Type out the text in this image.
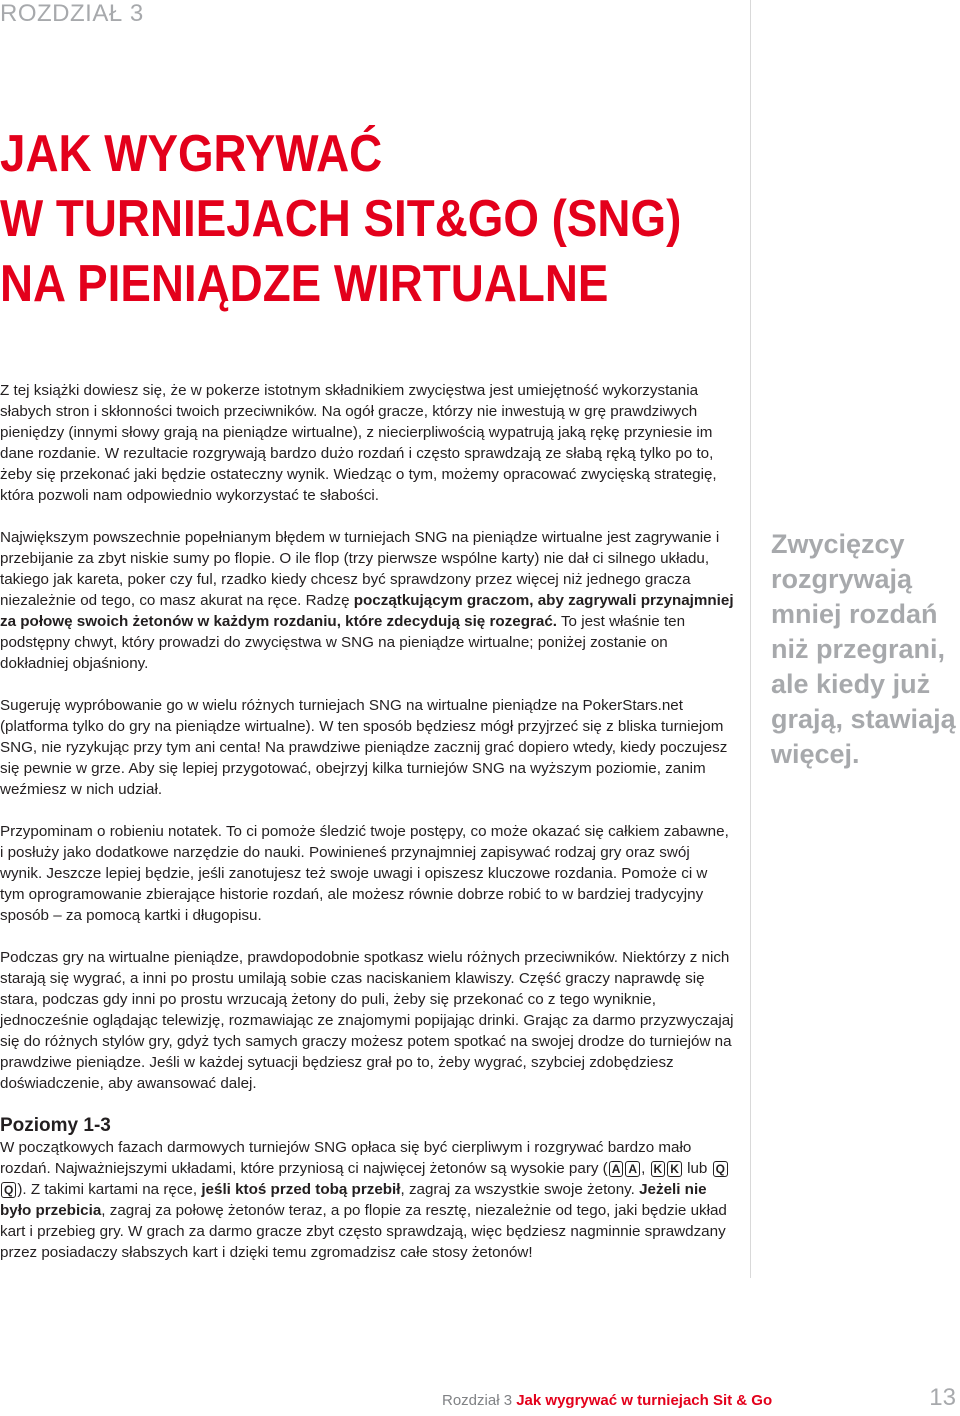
ROZDZIAŁ 3
JAK WYGRYWAĆ
W TURNIEJACH SIT&GO (SNG)
NA PIENIĄDZE WIRTUALNE

Z tej książki dowiesz się, że w pokerze istotnym składnikiem zwycięstwa jest umiejętność wykorzystania słabych stron i skłonności twoich przeciwników. Na ogół gracze, którzy nie inwestują w grę prawdziwych pieniędzy (innymi słowy grają na pieniądze wirtualne), z niecierpliwością wypatrują jaką rękę przyniesie im dane rozdanie. W rezultacie rozgrywają bardzo dużo rozdań i często sprawdzają ze słabą ręką tylko po to, żeby się przekonać jaki będzie ostateczny wynik. Wiedząc o tym, możemy opracować zwycięską strategię, która pozwoli nam odpowiednio wykorzystać te słabości.

Największym powszechnie popełnianym błędem w turniejach SNG na pieniądze wirtualne jest zagrywanie i przebijanie za zbyt niskie sumy po flopie. O ile flop (trzy pierwsze wspólne karty) nie dał ci silnego układu, takiego jak kareta, poker czy ful, rzadko kiedy chcesz być sprawdzony przez więcej niż jednego gracza niezależnie od tego, co masz akurat na ręce. Radzę początkującym graczom, aby zagrywali przynajmniej za połowę swoich żetonów w każdym rozdaniu, które zdecydują się rozegrać. To jest właśnie ten podstępny chwyt, który prowadzi do zwycięstwa w SNG na pieniądze wirtualne; poniżej zostanie on dokładniej objaśniony.

Sugeruję wypróbowanie go w wielu różnych turniejach SNG na wirtualne pieniądze na PokerStars.net (platforma tylko do gry na pieniądze wirtualne). W ten sposób będziesz mógł przyjrzeć się z bliska turniejom SNG, nie ryzykując przy tym ani centa! Na prawdziwe pieniądze zacznij grać dopiero wtedy, kiedy poczujesz się pewnie w grze. Aby się lepiej przygotować, obejrzyj kilka turniejów SNG na wyższym poziomie, zanim weźmiesz w nich udział.

Przypominam o robieniu notatek. To ci pomoże śledzić twoje postępy, co może okazać się całkiem zabawne, i posłuży jako dodatkowe narzędzie do nauki. Powinieneś przynajmniej zapisywać rodzaj gry oraz swój wynik. Jeszcze lepiej będzie, jeśli zanotujesz też swoje uwagi i opiszesz kluczowe rozdania. Pomoże ci w tym oprogramowanie zbierające historie rozdań, ale możesz równie dobrze robić to w bardziej tradycyjny sposób – za pomocą kartki i długopisu.

Podczas gry na wirtualne pieniądze, prawdopodobnie spotkasz wielu różnych przeciwników. Niektórzy z nich starają się wygrać, a inni po prostu umilają sobie czas naciskaniem klawiszy. Część graczy naprawdę się stara, podczas gdy inni po prostu wrzucają żetony do puli, żeby się przekonać co z tego wyniknie, jednocześnie oglądając telewizję, rozmawiając ze znajomymi popijając drinki. Grając za darmo przyzwyczajaj się do różnych stylów gry, gdyż tych samych graczy możesz potem spotkać na swojej drodze do turniejów na prawdziwe pieniądze. Jeśli w każdej sytuacji będziesz grał po to, żeby wygrać, szybciej zdobędziesz doświadczenie, aby awansować dalej.

Poziomy 1-3

W początkowych fazach darmowych turniejów SNG opłaca się być cierpliwym i rozgrywać bardzo mało rozdań. Najważniejszymi układami, które przyniosą ci najwięcej żetonów są wysokie pary ( A A , K K lub QQ ). Z takimi kartami na ręce, jeśli ktoś przed tobą przebił, zagraj za wszystkie swoje żetony. Jeżeli nie było przebicia, zagraj za połowę żetonów teraz, a po flopie za resztę, niezależnie od tego, jaki będzie układ kart i przebieg gry. W grach za darmo gracze zbyt często sprawdzają, więc będziesz nagminnie sprawdzany przez posiadaczy słabszych kart i dzięki temu zgromadzisz całe stosy żetonów!

Zwycięzcy rozgrywają mniej rozdań niż przegrani, ale kiedy już grają, stawiają więcej.
Rozdział 3 Jak wygrywać w turniejach Sit & Go	13
